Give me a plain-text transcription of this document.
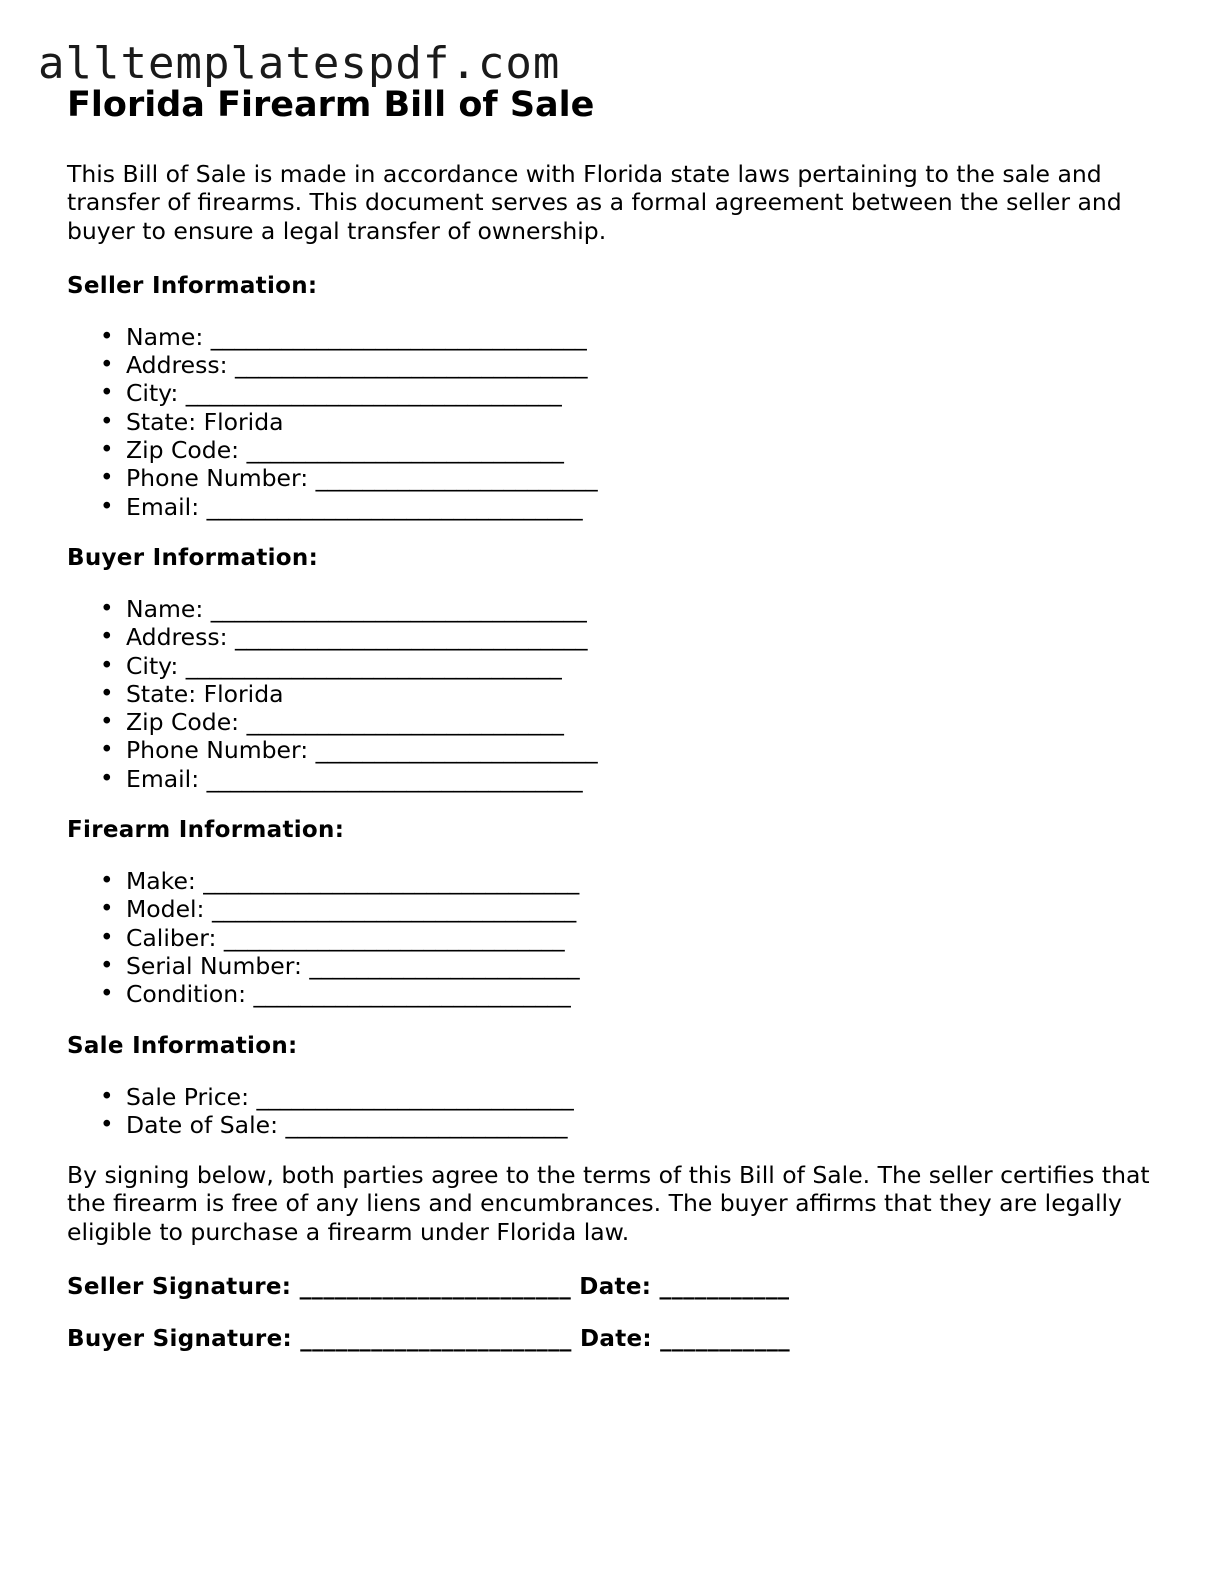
alltemplatespdf.com
Florida Firearm Bill of Sale
This Bill of Sale is made in accordance with Florida state laws pertaining to the sale and transfer of firearms. This document serves as a formal agreement between the seller and buyer to ensure a legal transfer of ownership.
Seller Information:
• Name: ________________________________
• Address: ______________________________
• City: ________________________________
• State: Florida
• Zip Code: ___________________________
• Phone Number: ________________________
• Email: ________________________________
Buyer Information:
• Name: ________________________________
• Address: ______________________________
• City: ________________________________
• State: Florida
• Zip Code: ___________________________
• Phone Number: ________________________
• Email: ________________________________
Firearm Information:
• Make: ________________________________
• Model: _______________________________
• Caliber: _____________________________
• Serial Number: _______________________
• Condition: ___________________________
Sale Information:
• Sale Price: ___________________________
• Date of Sale: ________________________
By signing below, both parties agree to the terms of this Bill of Sale. The seller certifies that the firearm is free of any liens and encumbrances. The buyer affirms that they are legally eligible to purchase a firearm under Florida law.
Seller Signature: _______________________ Date: ___________
Buyer Signature: _______________________ Date: ___________
